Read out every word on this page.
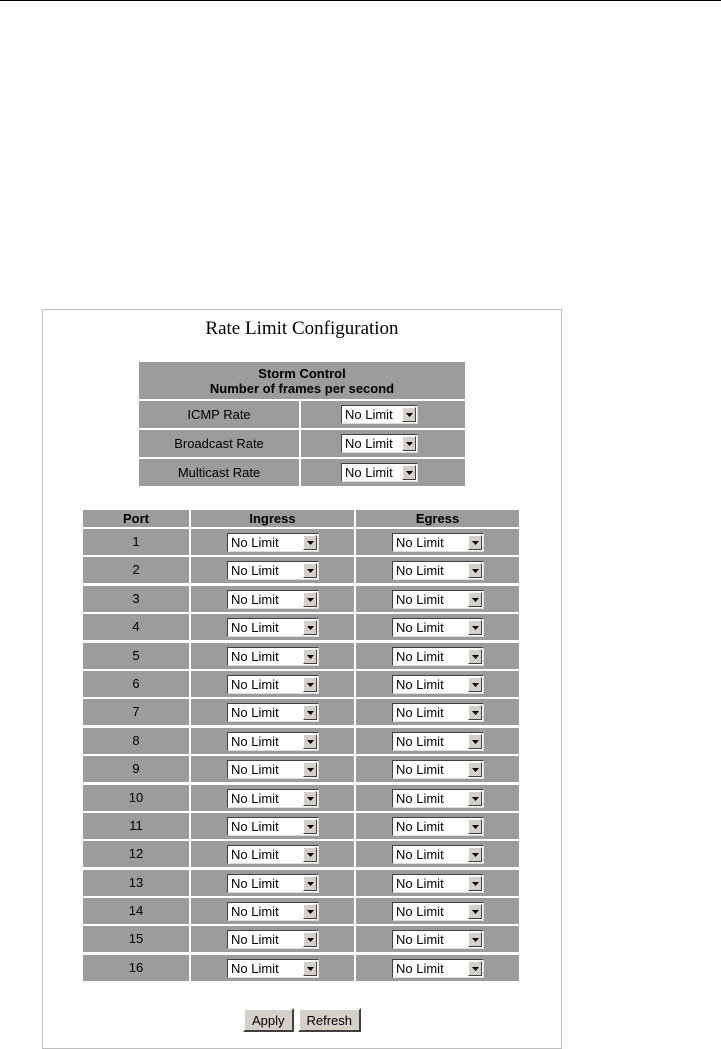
Rate Limit Configuration
Storm Control
Number of frames per second
ICMP Rate	No Limit
Broadcast Rate	No Limit
Multicast Rate	No Limit
Port	Ingress	Egress
1	No Limit	No Limit
2	No Limit	No Limit
3	No Limit	No Limit
4	No Limit	No Limit
5	No Limit	No Limit
6	No Limit	No Limit
7	No Limit	No Limit
8	No Limit	No Limit
9	No Limit	No Limit
10	No Limit	No Limit
11	No Limit	No Limit
12	No Limit	No Limit
13	No Limit	No Limit
14	No Limit	No Limit
15	No Limit	No Limit
16	No Limit	No Limit
Apply Refresh
